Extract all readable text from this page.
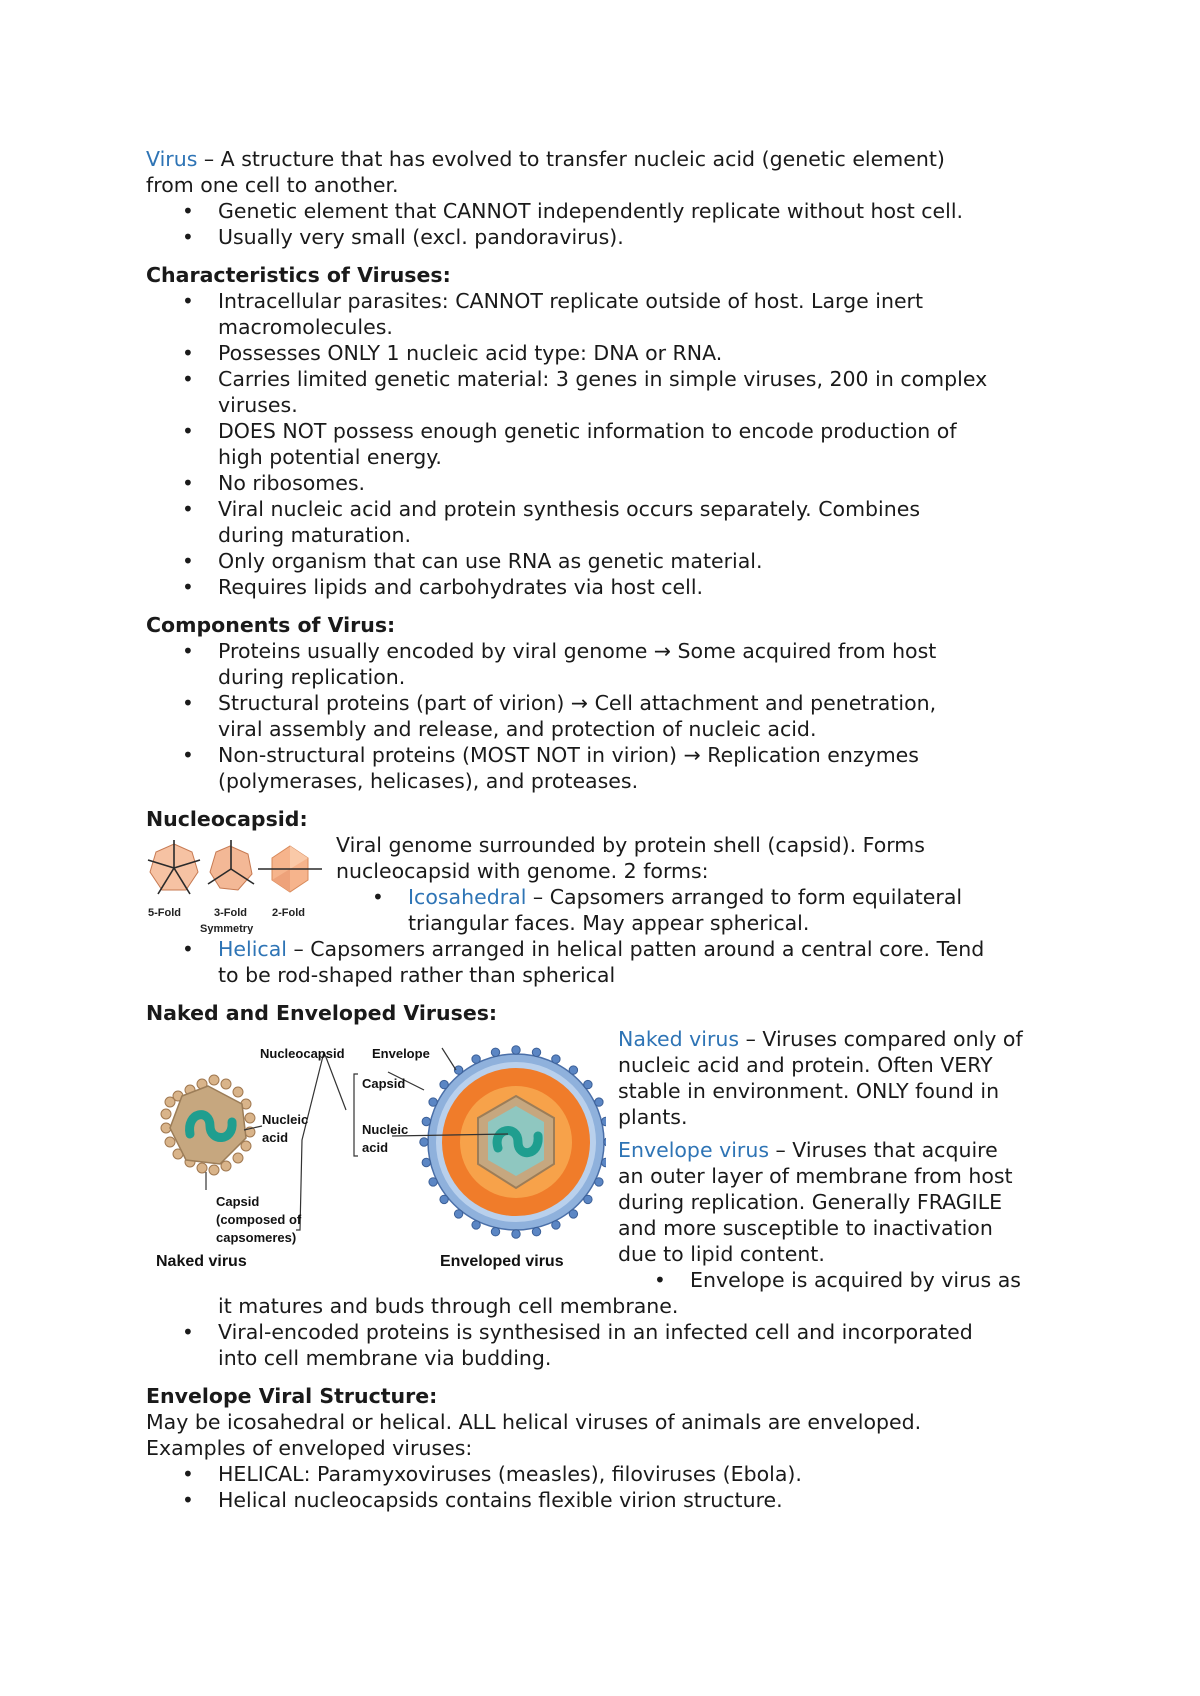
Virus – A structure that has evolved to transfer nucleic acid (genetic element)
from one cell to another.
• Genetic element that CANNOT independently replicate without host cell.
• Usually very small (excl. pandoravirus).
Characteristics of Viruses:
• Intracellular parasites: CANNOT replicate outside of host. Large inert
macromolecules.
• Possesses ONLY 1 nucleic acid type: DNA or RNA.
• Carries limited genetic material: 3 genes in simple viruses, 200 in complex
viruses.
• DOES NOT possess enough genetic information to encode production of
high potential energy.
• No ribosomes.
• Viral nucleic acid and protein synthesis occurs separately. Combines
during maturation.
• Only organism that can use RNA as genetic material.
• Requires lipids and carbohydrates via host cell.
Components of Virus:
• Proteins usually encoded by viral genome → Some acquired from host
during replication.
• Structural proteins (part of virion) → Cell attachment and penetration,
viral assembly and release, and protection of nucleic acid.
• Non-structural proteins (MOST NOT in virion) → Replication enzymes
(polymerases, helicases), and proteases.
Nucleocapsid:
5-Fold	3-Fold 2-Fold
Symmetry
Viral genome surrounded by protein shell (capsid). Forms
nucleocapsid with genome. 2 forms:
• Icosahedral – Capsomers arranged to form equilateral
triangular faces. May appear spherical.
• Helical – Capsomers arranged in helical patten around a central core. Tend
to be rod-shaped rather than spherical
Naked and Enveloped Viruses:
Nucleocapsid Envelope
Capsid
Nucleic
acid
Nucleic
acid
Capsid
(composed of
capsomeres)
Naked virus	Enveloped virus
Naked virus – Viruses compared only of
nucleic acid and protein. Often VERY
stable in environment. ONLY found in
plants.
Envelope virus – Viruses that acquire
an outer layer of membrane from host
during replication. Generally FRAGILE
and more susceptible to inactivation
due to lipid content.
• Envelope is acquired by virus as
it matures and buds through cell membrane.
• Viral-encoded proteins is synthesised in an infected cell and incorporated
into cell membrane via budding.
Envelope Viral Structure:
May be icosahedral or helical. ALL helical viruses of animals are enveloped.
Examples of enveloped viruses:
• HELICAL: Paramyxoviruses (measles), filoviruses (Ebola).
• Helical nucleocapsids contains flexible virion structure.
